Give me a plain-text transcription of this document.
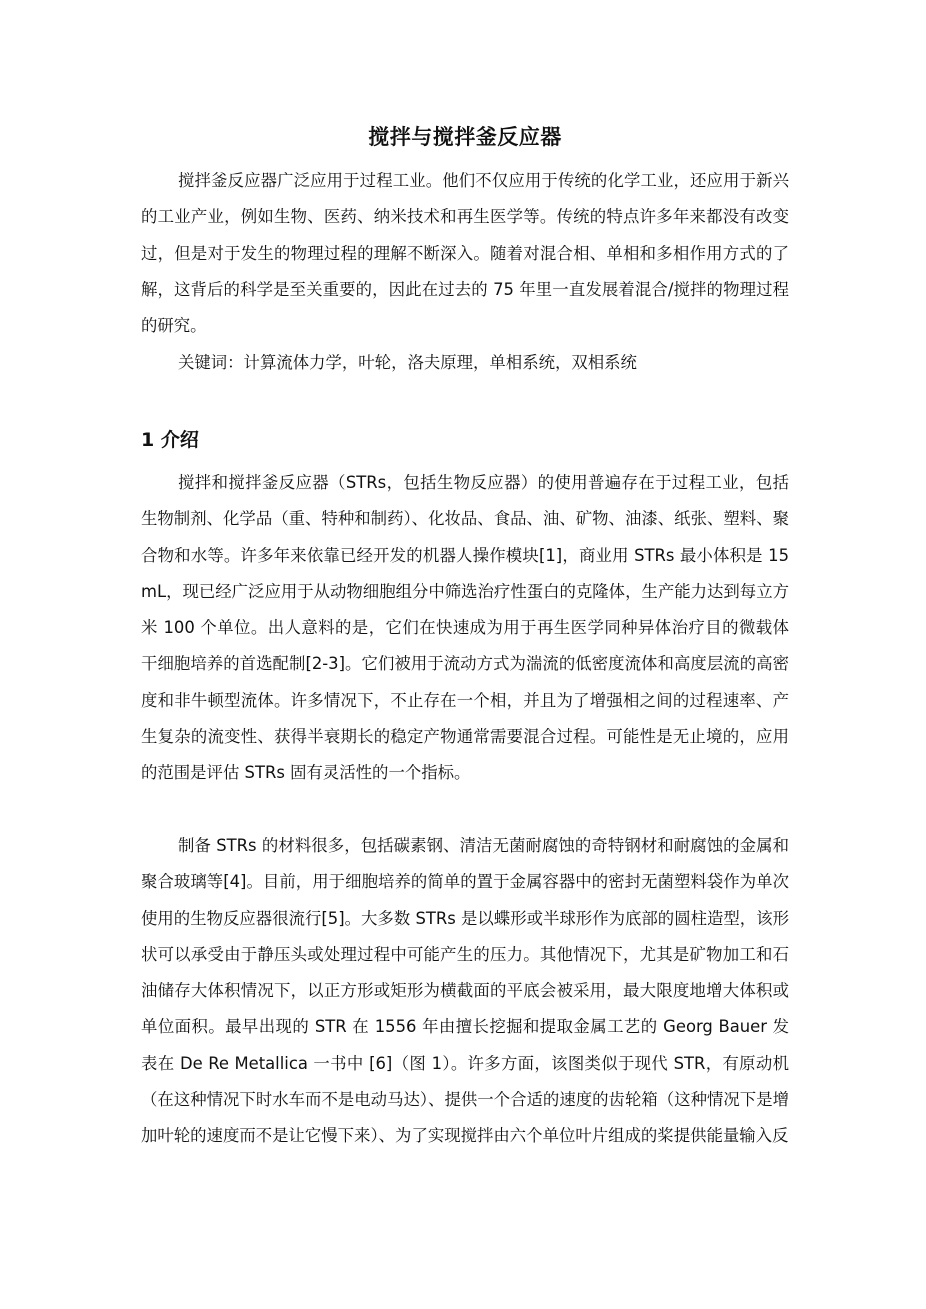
搅拌与搅拌釜反应器

搅拌釜反应器广泛应用于过程工业。他们不仅应用于传统的化学工业，还应用于新兴的工业产业，例如生物、医药、纳米技术和再生医学等。传统的特点许多年来都没有改变过，但是对于发生的物理过程的理解不断深入。随着对混合相、单相和多相作用方式的了解，这背后的科学是至关重要的，因此在过去的 75 年里一直发展着混合/搅拌的物理过程的研究。

关键词：计算流体力学，叶轮，洛夫原理，单相系统，双相系统

1 介绍

搅拌和搅拌釜反应器（STRs，包括生物反应器）的使用普遍存在于过程工业，包括生物制剂、化学品（重、特种和制药）、化妆品、食品、油、矿物、油漆、纸张、塑料、聚合物和水等。许多年来依靠已经开发的机器人操作模块[1]，商业用 STRs 最小体积是 15mL，现已经广泛应用于从动物细胞组分中筛选治疗性蛋白的克隆体，生产能力达到每立方米 100 个单位。出人意料的是，它们在快速成为用于再生医学同种异体治疗目的微载体干细胞培养的首选配制[2-3]。它们被用于流动方式为湍流的低密度流体和高度层流的高密度和非牛顿型流体。许多情况下，不止存在一个相，并且为了增强相之间的过程速率、产生复杂的流变性、获得半衰期长的稳定产物通常需要混合过程。可能性是无止境的，应用的范围是评估 STRs 固有灵活性的一个指标。

制备 STRs 的材料很多，包括碳素钢、清洁无菌耐腐蚀的奇特钢材和耐腐蚀的金属和聚合玻璃等[4]。目前，用于细胞培养的简单的置于金属容器中的密封无菌塑料袋作为单次使用的生物反应器很流行[5]。大多数 STRs 是以蝶形或半球形作为底部的圆柱造型，该形状可以承受由于静压头或处理过程中可能产生的压力。其他情况下，尤其是矿物加工和石油储存大体积情况下，以正方形或矩形为横截面的平底会被采用，最大限度地增大体积或单位面积。最早出现的 STR 在 1556 年由擅长挖掘和提取金属工艺的 Georg Bauer 发表在 De Re Metallica 一书中 [6]（图 1）。许多方面，该图类似于现代 STR，有原动机（在这种情况下时水车而不是电动马达）、提供一个合适的速度的齿轮箱（这种情况下是增加叶轮的速度而不是让它慢下来）、为了实现搅拌由六个单位叶片组成的桨提供能量输入反
